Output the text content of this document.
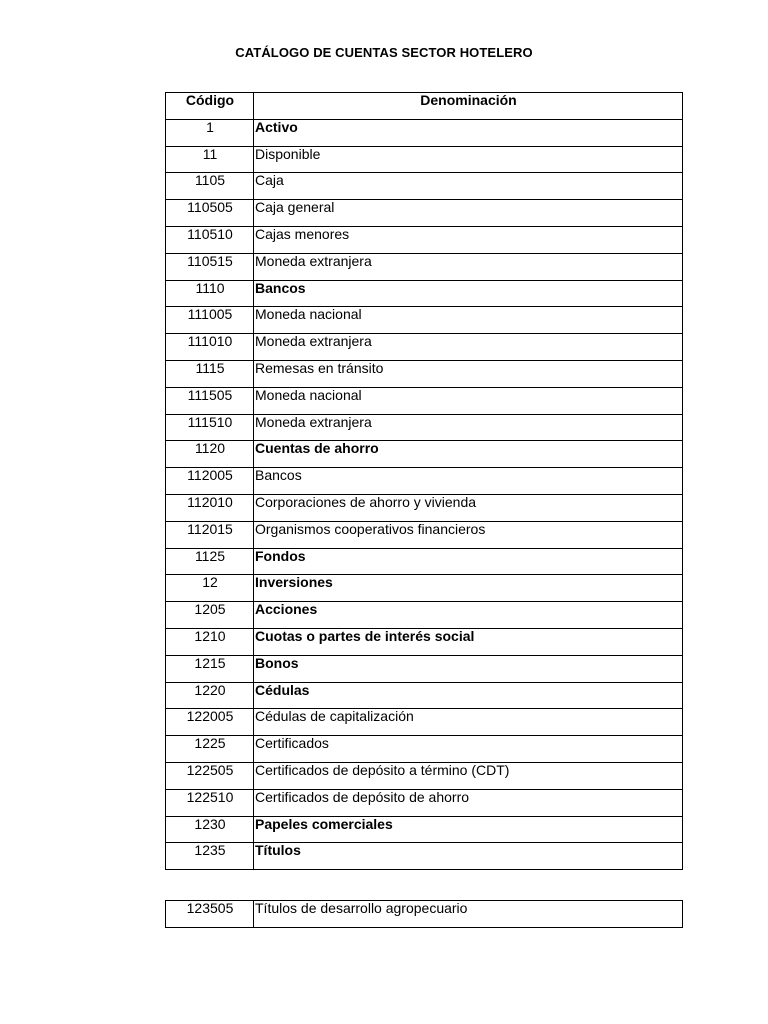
CATÁLOGO DE CUENTAS SECTOR HOTELERO
Código	Denominación
1	Activo
11	Disponible
1105	Caja
110505	Caja general
110510	Cajas menores
110515	Moneda extranjera
1110	Bancos
111005	Moneda nacional
111010	Moneda extranjera
1115	Remesas en tránsito
111505	Moneda nacional
111510	Moneda extranjera
1120	Cuentas de ahorro
112005	Bancos
112010	Corporaciones de ahorro y vivienda
112015	Organismos cooperativos financieros
1125	Fondos
12	Inversiones
1205	Acciones
1210	Cuotas o partes de interés social
1215	Bonos
1220	Cédulas
122005	Cédulas de capitalización
1225	Certificados
122505	Certificados de depósito a término (CDT)
122510	Certificados de depósito de ahorro
1230	Papeles comerciales
1235	Títulos
123505	Títulos de desarrollo agropecuario
